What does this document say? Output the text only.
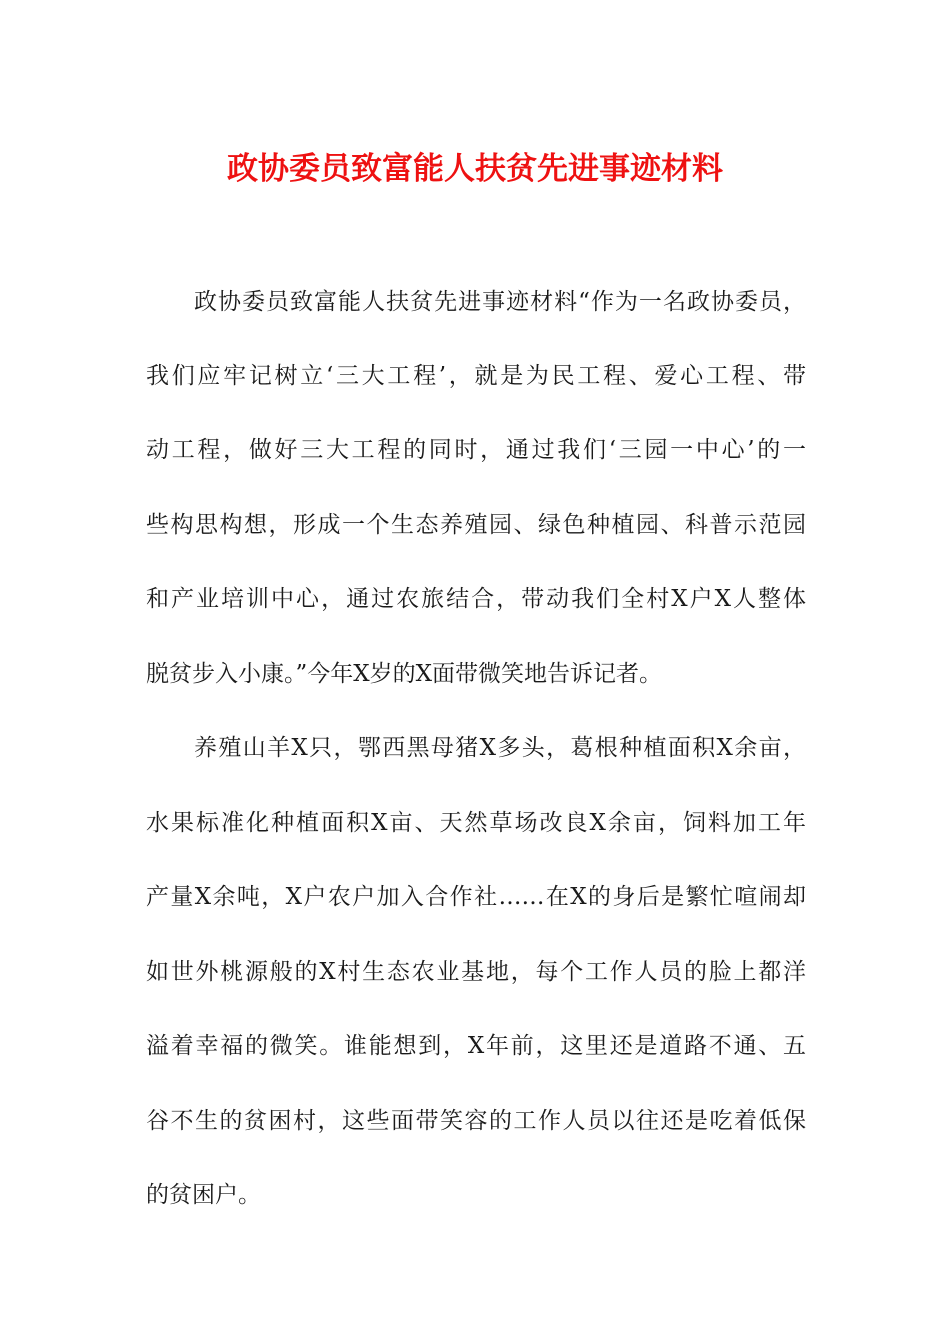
政协委员致富能人扶贫先进事迹材料

政协委员致富能人扶贫先进事迹材料“作为一名政协委员，

我们应牢记树立‘三大工程’，就是为民工程、爱心工程、带

动工程，做好三大工程的同时，通过我们‘三园一中心’的一

些构思构想，形成一个生态养殖园、绿色种植园、科普示范园

和产业培训中心，通过农旅结合，带动我们全村X户X人整体

脱贫步入小康。”今年X岁的X面带微笑地告诉记者。

养殖山羊X只，鄂西黑母猪X多头，葛根种植面积X余亩，

水果标准化种植面积X亩、天然草场改良X余亩，饲料加工年

产量X余吨，X户农户加入合作社……在X的身后是繁忙喧闹却

如世外桃源般的X村生态农业基地，每个工作人员的脸上都洋

溢着幸福的微笑。谁能想到，X年前，这里还是道路不通、五

谷不生的贫困村，这些面带笑容的工作人员以往还是吃着低保

的贫困户。
